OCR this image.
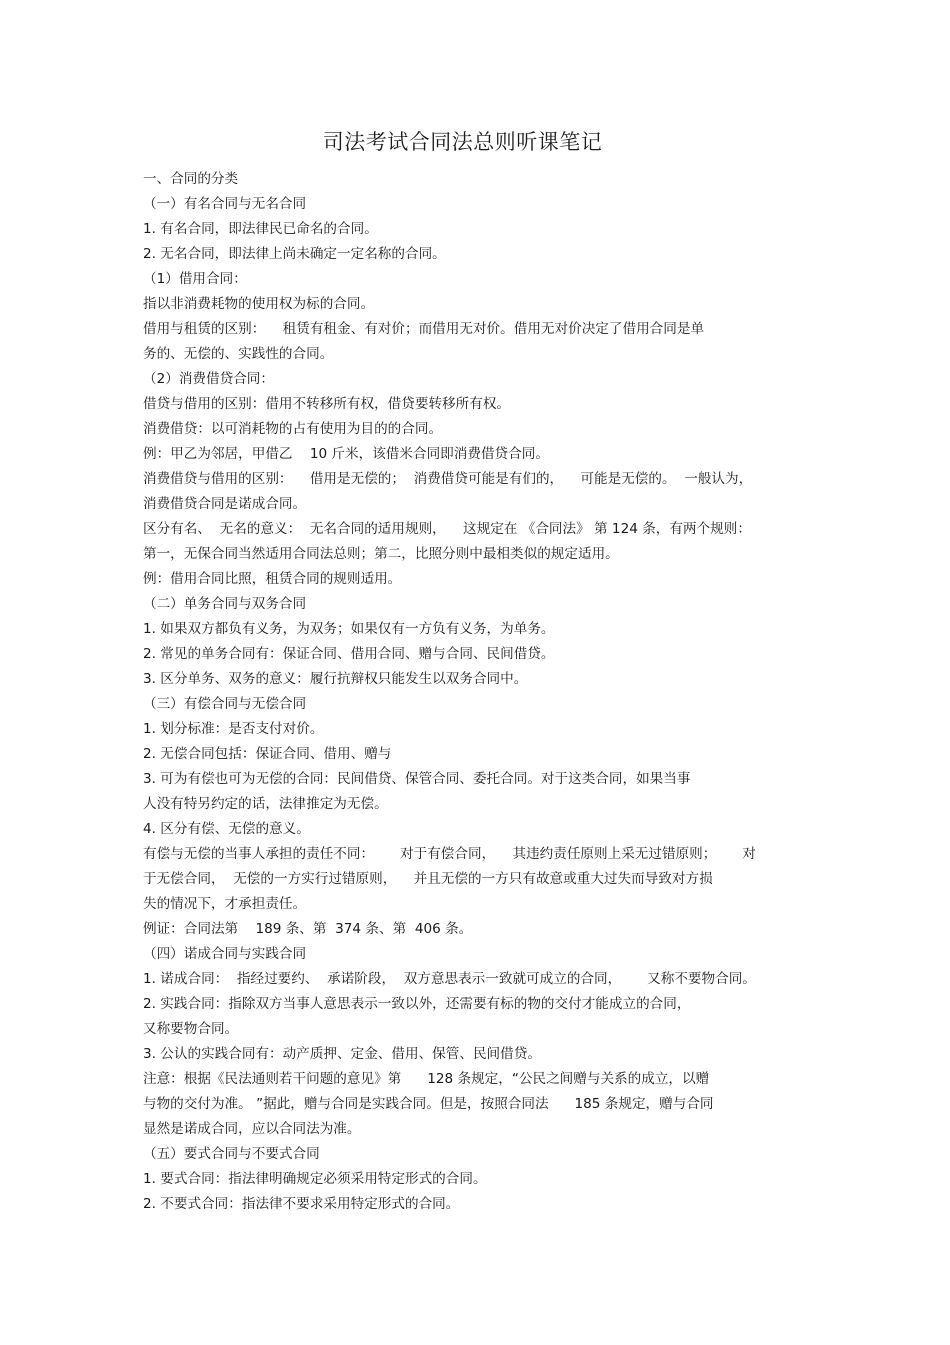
司法考试合同法总则听课笔记
一、合同的分类
（一）有名合同与无名合同
1. 有名合同，即法律民已命名的合同。
2. 无名合同，即法律上尚未确定一定名称的合同。
（1）借用合同：
指以非消费耗物的使用权为标的合同。
借用与租赁的区别：    租赁有租金、有对价；而借用无对价。借用无对价决定了借用合同是单
务的、无偿的、实践性的合同。
（2）消费借贷合同：
借贷与借用的区别：借用不转移所有权，借贷要转移所有权。
消费借贷：以可消耗物的占有使用为目的的合同。
例：甲乙为邻居，甲借乙    10 斤米，该借米合同即消费借贷合同。
消费借贷与借用的区别：    借用是无偿的；  消费借贷可能是有们的，    可能是无偿的。  一般认为，
消费借贷合同是诺成合同。
区分有名、  无名的意义：  无名合同的适用规则，    这规定在 《合同法》 第 124 条，有两个规则：
第一，无保合同当然适用合同法总则；第二，比照分则中最相类似的规定适用。
例：借用合同比照，租赁合同的规则适用。
（二）单务合同与双务合同
1. 如果双方都负有义务，为双务；如果仅有一方负有义务，为单务。
2. 常见的单务合同有：保证合同、借用合同、赠与合同、民间借贷。
3. 区分单务、双务的意义：履行抗辩权只能发生以双务合同中。
（三）有偿合同与无偿合同
1. 划分标准：是否支付对价。
2. 无偿合同包括：保证合同、借用、赠与
3. 可为有偿也可为无偿的合同：民间借贷、保管合同、委托合同。对于这类合同，如果当事
人没有特另约定的话，法律推定为无偿。
4. 区分有偿、无偿的意义。
有偿与无偿的当事人承担的责任不同：      对于有偿合同，    其违约责任原则上采无过错原则；      对
于无偿合同，  无偿的一方实行过错原则，    并且无偿的一方只有故意或重大过失而导致对方损
失的情况下，才承担责任。
例证：合同法第    189 条、第  374 条、第  406 条。
（四）诺成合同与实践合同
1. 诺成合同：  指经过要约、  承诺阶段，  双方意思表示一致就可成立的合同，      又称不要物合同。
2. 实践合同：指除双方当事人意思表示一致以外，还需要有标的物的交付才能成立的合同，
又称要物合同。
3. 公认的实践合同有：动产质押、定金、借用、保管、民间借贷。
注意：根据《民法通则若干问题的意见》第      128 条规定，“公民之间赠与关系的成立，以赠
与物的交付为准。 ”据此，赠与合同是实践合同。但是，按照合同法      185 条规定，赠与合同
显然是诺成合同，应以合同法为准。
（五）要式合同与不要式合同
1. 要式合同：指法律明确规定必须采用特定形式的合同。
2. 不要式合同：指法律不要求采用特定形式的合同。
